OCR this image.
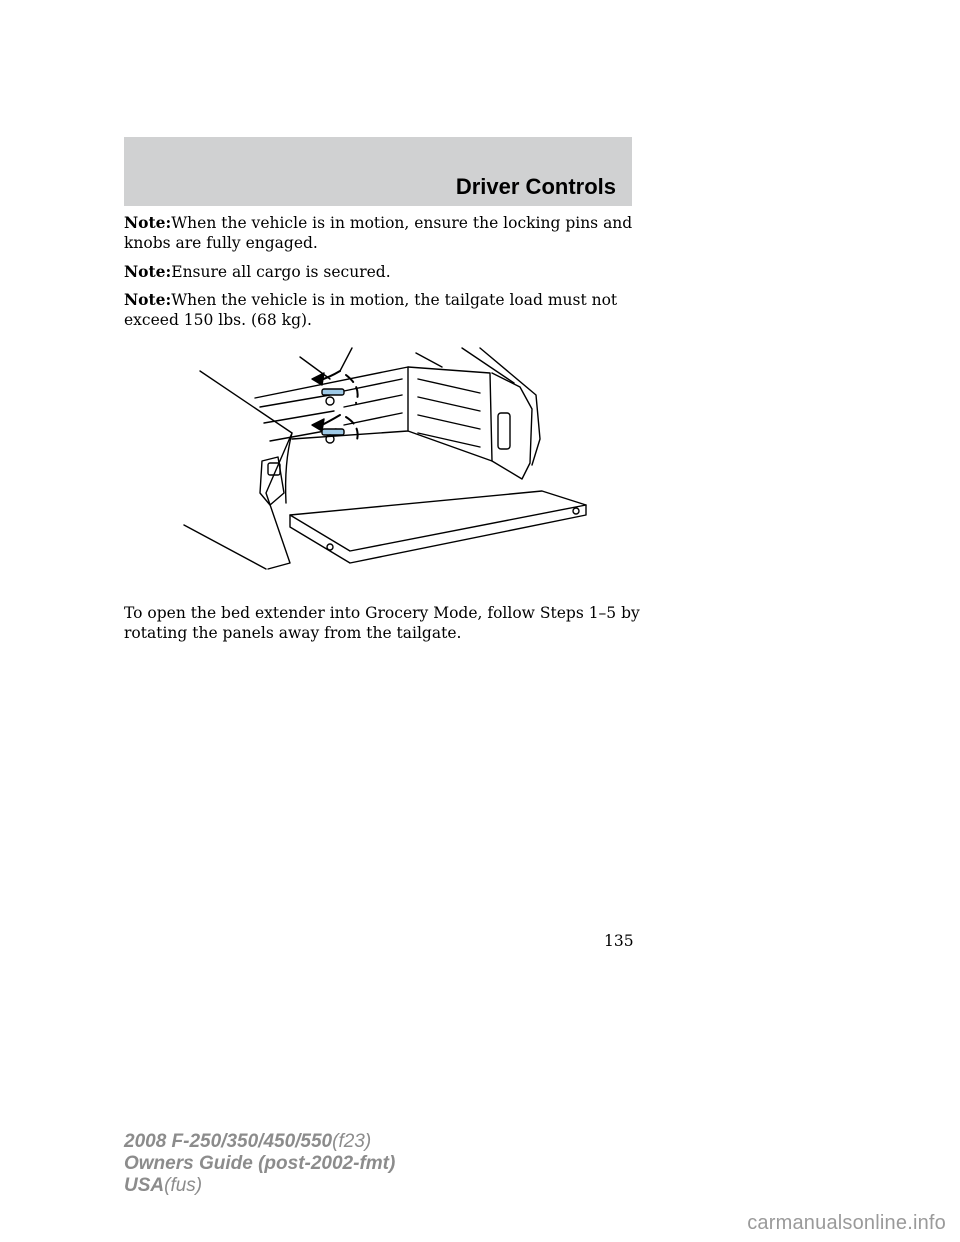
Driver Controls
Note:When the vehicle is in motion, ensure the locking pins and knobs are fully engaged.
Note:Ensure all cargo is secured.
Note:When the vehicle is in motion, the tailgate load must not exceed 150 lbs. (68 kg).
To open the bed extender into Grocery Mode, follow Steps 1–5 by rotating the panels away from the tailgate.
135
2008 F-250/350/450/550(f23)
Owners Guide (post-2002-fmt)
USA(fus)
carmanualsonline.info
